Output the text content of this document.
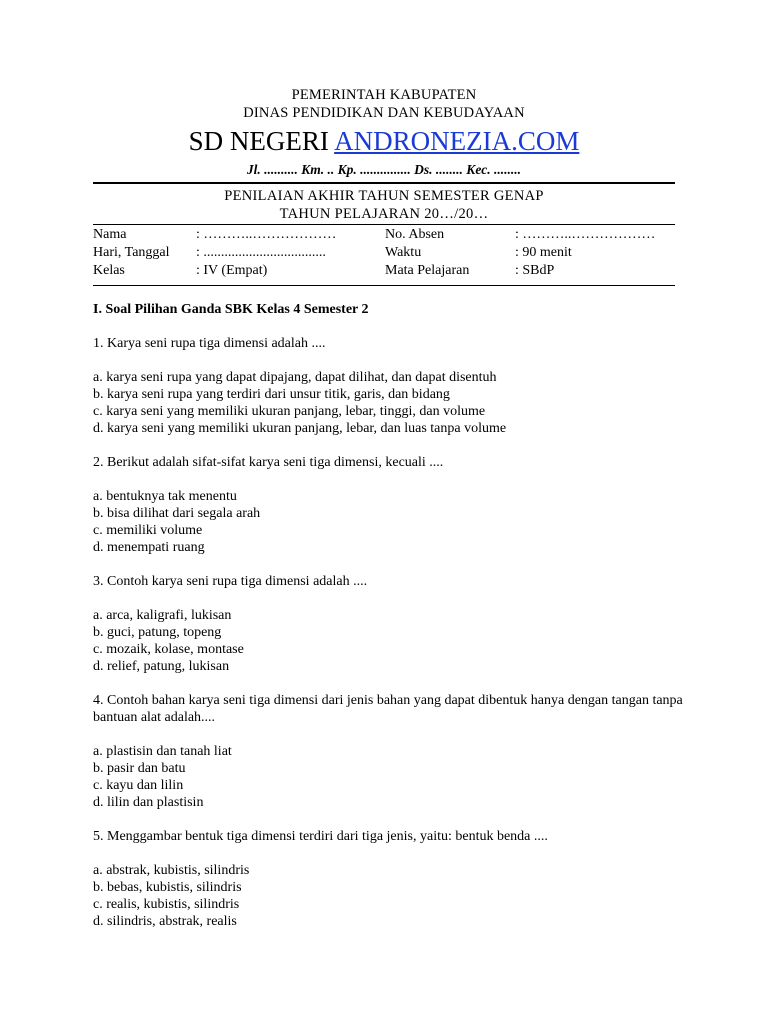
PEMERINTAH KABUPATEN
DINAS PENDIDIKAN DAN KEBUDAYAAN
SD NEGERI ANDRONEZIA.COM
Jl. .......... Km. .. Kp. ............... Ds. ........ Kec. ........
PENILAIAN AKHIR TAHUN SEMESTER GENAP
TAHUN PELAJARAN 20…/20…
Nama	: ………..………………	No. Absen	: ………..………………
Hari, Tanggal : ...................................	Waktu	: 90 menit
Kelas	: IV (Empat)	Mata Pelajaran	: SBdP
I. Soal Pilihan Ganda SBK Kelas 4 Semester 2
1. Karya seni rupa tiga dimensi adalah ....
a. karya seni rupa yang dapat dipajang, dapat dilihat, dan dapat disentuh
b. karya seni rupa yang terdiri dari unsur titik, garis, dan bidang
c. karya seni yang memiliki ukuran panjang, lebar, tinggi, dan volume
d. karya seni yang memiliki ukuran panjang, lebar, dan luas tanpa volume
2. Berikut adalah sifat-sifat karya seni tiga dimensi, kecuali ....
a. bentuknya tak menentu
b. bisa dilihat dari segala arah
c. memiliki volume
d. menempati ruang
3. Contoh karya seni rupa tiga dimensi adalah ....
a. arca, kaligrafi, lukisan
b. guci, patung, topeng
c. mozaik, kolase, montase
d. relief, patung, lukisan
4. Contoh bahan karya seni tiga dimensi dari jenis bahan yang dapat dibentuk hanya dengan tangan tanpa bantuan alat adalah....
a. plastisin dan tanah liat
b. pasir dan batu
c. kayu dan lilin
d. lilin dan plastisin
5. Menggambar bentuk tiga dimensi terdiri dari tiga jenis, yaitu: bentuk benda ....
a. abstrak, kubistis, silindris
b. bebas, kubistis, silindris
c. realis, kubistis, silindris
d. silindris, abstrak, realis
